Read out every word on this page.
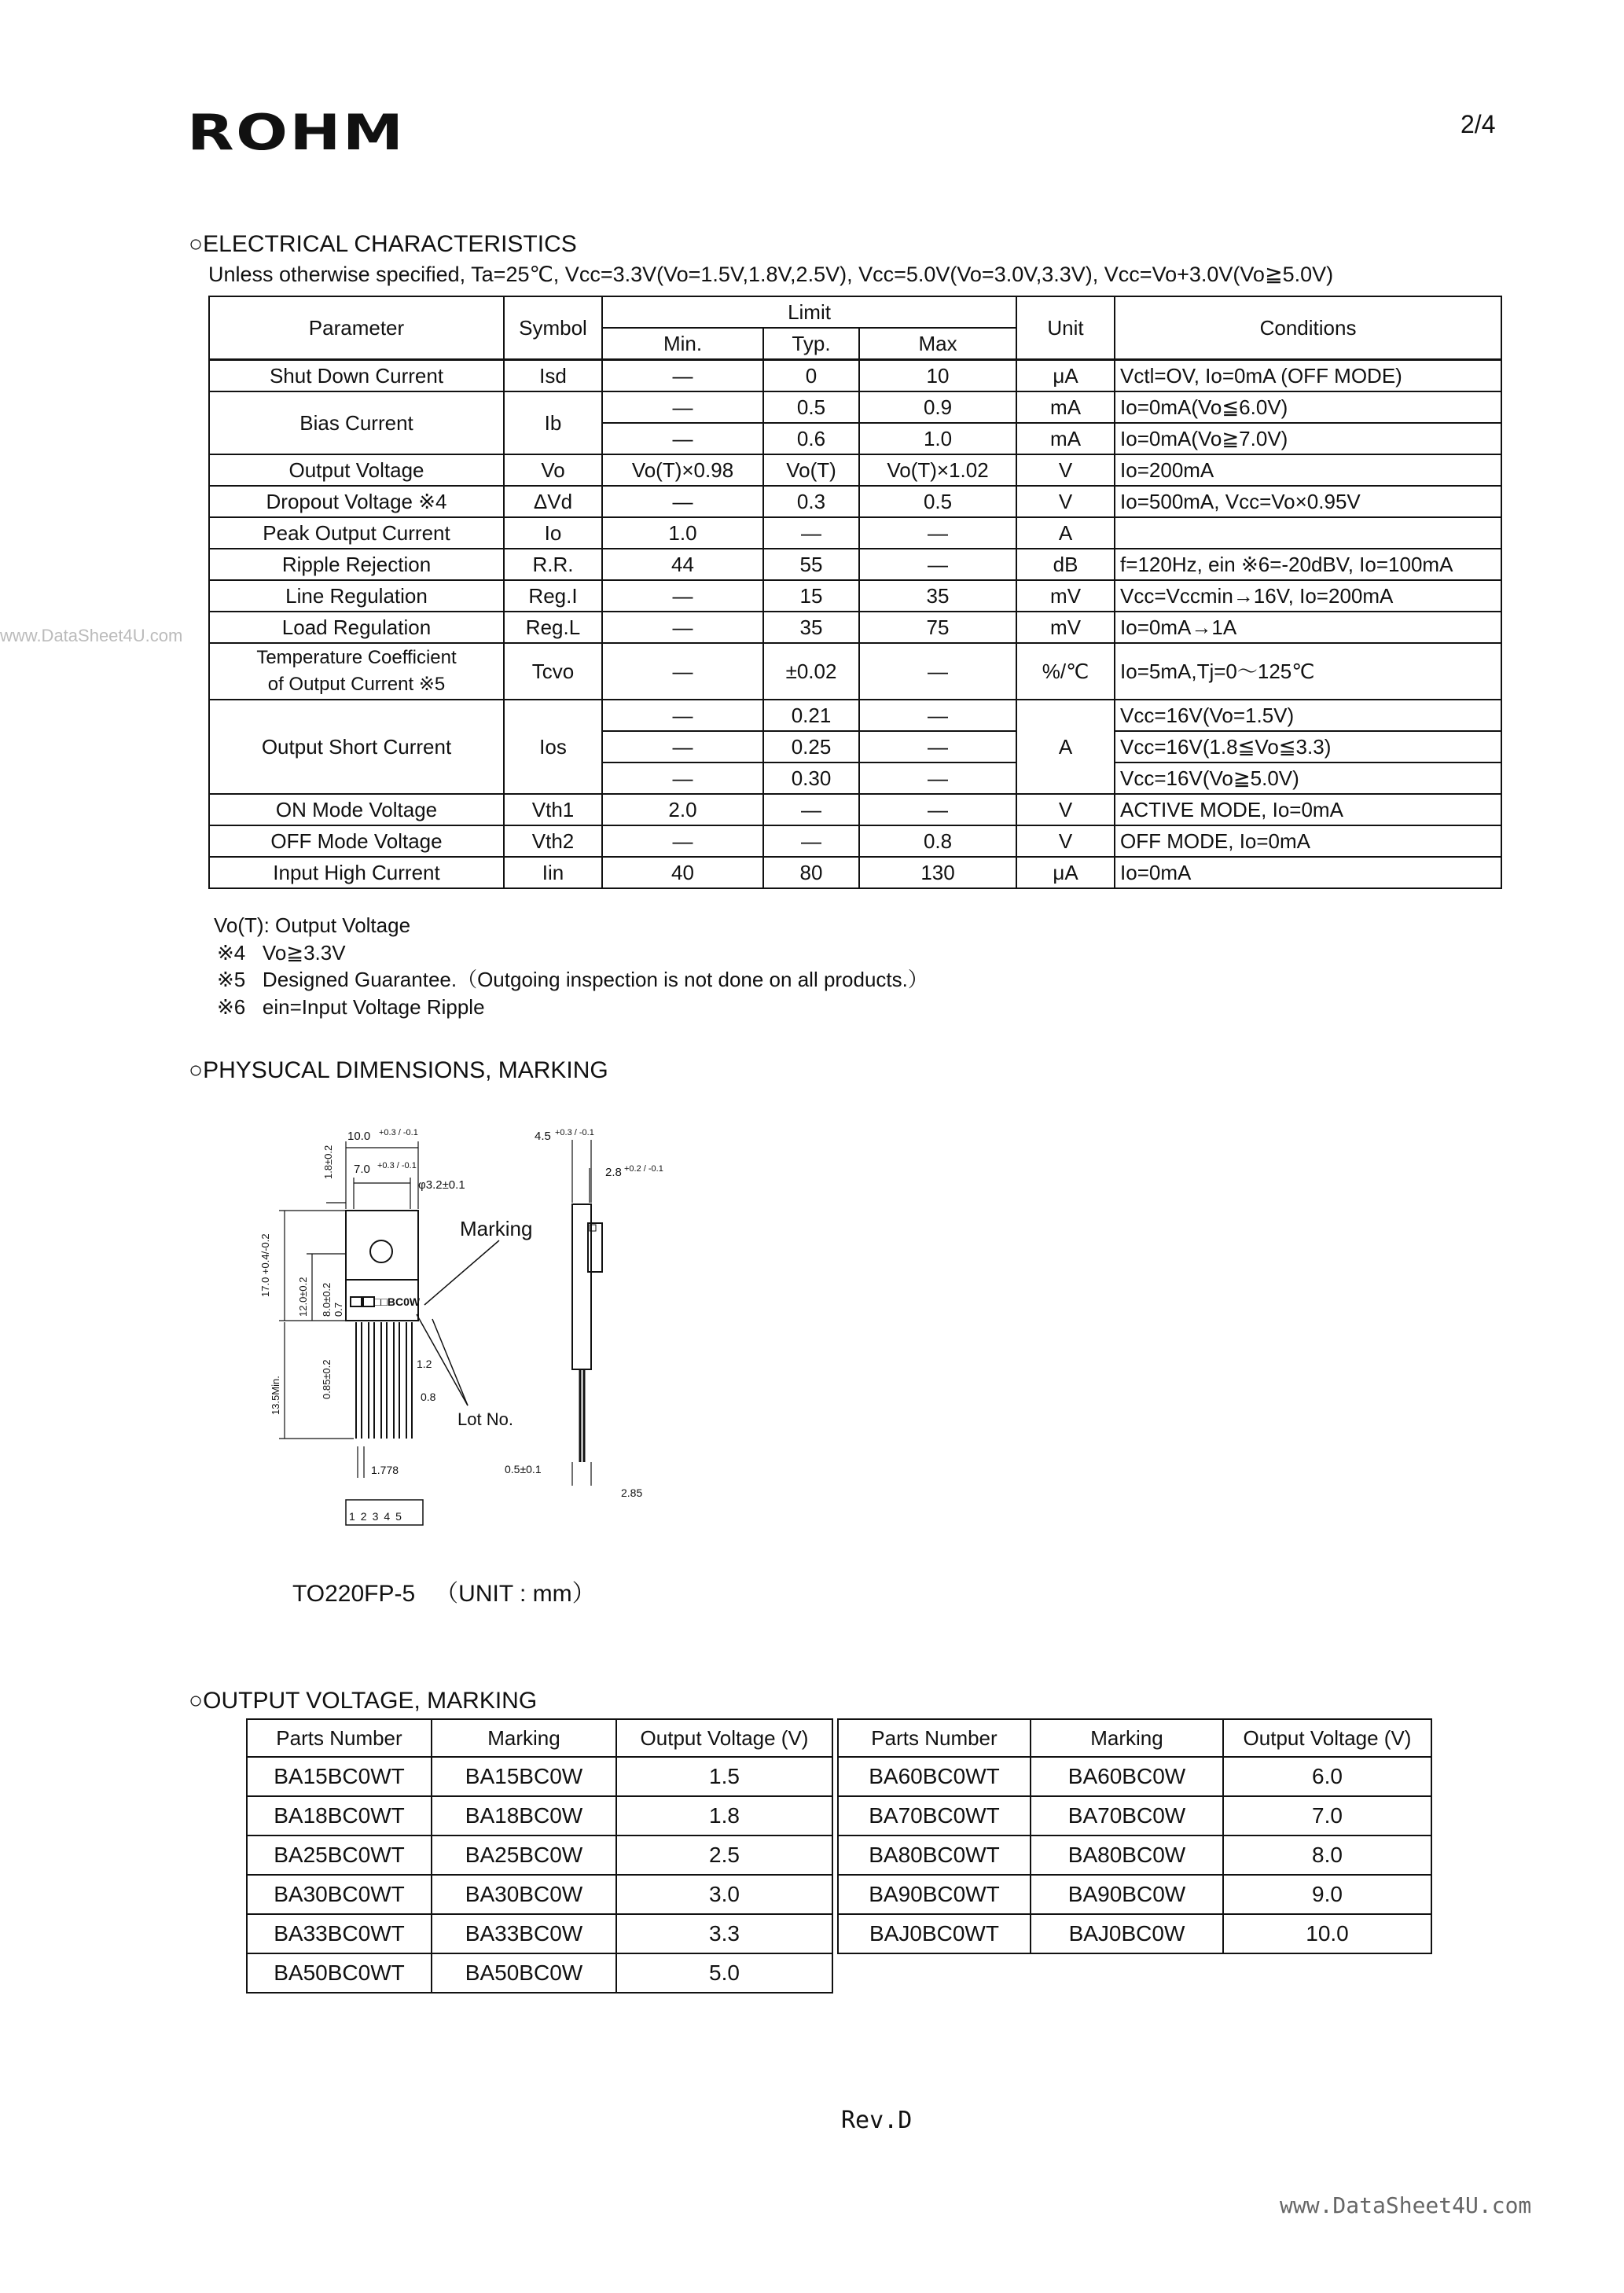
ROHM	2/4
○ELECTRICAL CHARACTERISTICS
Unless otherwise specified, Ta=25℃, Vcc=3.3V(Vo=1.5V,1.8V,2.5V), Vcc=5.0V(Vo=3.0V,3.3V), Vcc=Vo+3.0V(Vo≧5.0V)
Parameter	Symbol	Limit			Unit	Conditions
		Min.	Typ.	Max		
Shut Down Current	Isd	—	0	10	μA	Vctl=OV, Io=0mA (OFF MODE)
Bias Current	Ib	—	0.5	0.9	mA	Io=0mA(Vo≦6.0V)
		—	0.6	1.0	mA	Io=0mA(Vo≧7.0V)
Output Voltage	Vo	Vo(T)×0.98	Vo(T)	Vo(T)×1.02	V	Io=200mA
Dropout Voltage ※4	ΔVd	—	0.3	0.5	V	Io=500mA, Vcc=Vo×0.95V
Peak Output Current	Io	1.0	—	—	A	
Ripple Rejection	R.R.	44	55	—	dB	f=120Hz, ein ※6=-20dBV, Io=100mA
Line Regulation	Reg.I	—	15	35	mV	Vcc=Vccmin→16V, Io=200mA
Load Regulation	Reg.L	—	35	75	mV	Io=0mA→1A

Temperature Coefficient
of Output Current ※5	Tcvo	—	±0.02	—	%/℃	Io=5mA,Tj=0～125℃
Output Short Current	Ios	—	0.21	—	A	Vcc=16V(Vo=1.5V)
		—	0.25	—		Vcc=16V(1.8≦Vo≦3.3)
		—	0.30	—		Vcc=16V(Vo≧5.0V)
ON Mode Voltage	Vth1	2.0	—	—	V	ACTIVE MODE, Io=0mA
OFF Mode Voltage	Vth2	—	—	0.8	V	OFF MODE, Io=0mA
Input High Current	Iin	40	80	130	μA	Io=0mA
Vo(T): Output Voltage
※4   Vo≧3.3V
※5   Designed Guarantee.（Outgoing inspection is not done on all products.）
※6   ein=Input Voltage Ripple
○PHYSUCAL DIMENSIONS, MARKING
□□BC0W
10.0 +0.3 / -0.1
7.0 +0.3 / -0.1
φ3.2±0.1
Marking
Lot No.
1.8±0.2
17.0 +0.4/-0.2	12.0±0.2 8.0±0.2 0.7
13.5Min.	0.85±0.2	1.2
0.8
1.778
12345
4.5 +0.3 / -0.1
2.8 +0.2 / -0.1
0.5±0.1
2.85
TO220FP-5   （UNIT : mm）
○OUTPUT VOLTAGE, MARKING
Parts Number	Marking	Output Voltage (V)
BA15BC0WT	BA15BC0W	1.5
BA18BC0WT	BA18BC0W	1.8
BA25BC0WT	BA25BC0W	2.5
BA30BC0WT	BA30BC0W	3.0
BA33BC0WT	BA33BC0W	3.3
BA50BC0WT	BA50BC0W	5.0
Parts Number	Marking	Output Voltage (V)
BA60BC0WT	BA60BC0W	6.0
BA70BC0WT	BA70BC0W	7.0
BA80BC0WT	BA80BC0W	8.0
BA90BC0WT	BA90BC0W	9.0
BAJ0BC0WT	BAJ0BC0W	10.0
Rev.D
www.DataSheet4U.com
www.DataSheet4U.com
